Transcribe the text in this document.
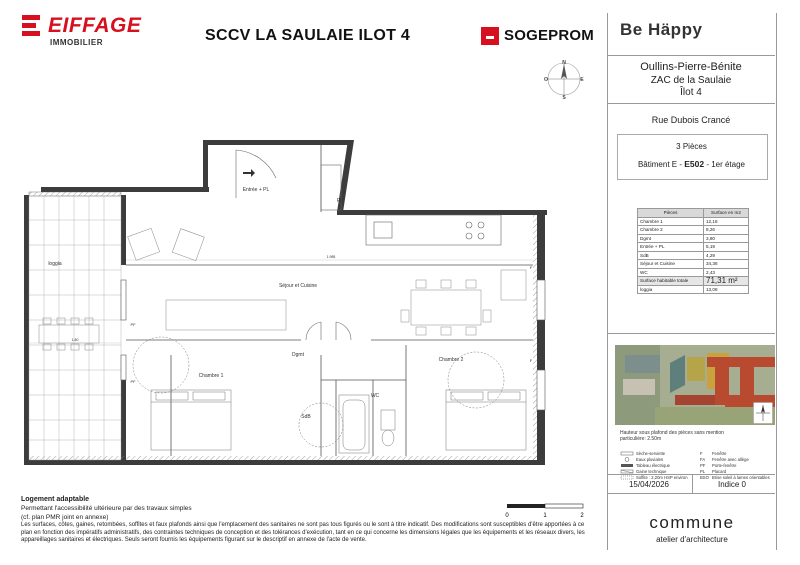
EIFFAGE
IMMOBILIER	SCCV LA SAULAIE ILOT 4	SOGEPROM
N
S
E
O
Be Häppy
Oullins-Pierre-Bénite
ZAC de la Saulaie
Îlot 4
Rue Dubois Crancé
3 Pièces
Bâtiment E - E502 - 1er étage
Pièces	Surface en m2
Chambre 1	12,18
Chambre 2	8,26
Dgmt	3,80
Entrée + PL	5,19
SdB	4,29
Séjour et Cuisine	34,36
WC	2,43
Surface habitable totale	71,31 m²
loggia	13,08
Hauteur sous plafond des pièces sans mention particulière: 2.50m
Sèche-serviette	F Fenêtre
Eaux pluviales	FA Fenêtre avec allège
Tableau électrique	PF Porte-fenêtre
Gaine technique	PL Placard
Soffite : 2,20m HSP environ	BSO Brise soleil à lames orientables
15/04/2026	Indice 0
commune
atelier d'architecture
Entrée + PL
PL
loggia
Séjour et Cuisine
Dgmt
Chambre 1
Chambre 2
SdB
WC
1.80
1.985
F
F
PF
PF
Logement adaptable
Permettant l'accessibilité ultérieure par des travaux simples
(cf. plan PMR joint en annexe)
Les surfaces, côtes, gaines, retombées, soffites et faux plafonds ainsi que l'emplacement des sanitaires ne sont pas tous figurés ou le sont à titre indicatif. Des modifications sont susceptibles d'être apportées à ce plan en fonction des impératifs administratifs, des contraintes techniques de conception et des tolérances d'exécution, tant en ce qui concerne les dimensions légales que les équipements et les réseaux divers, les appareillages sanitaires et électriques. Seuls seront fournis les équipements figurant sur le descriptif en annexe de l'acte de vente.
0	1	2
